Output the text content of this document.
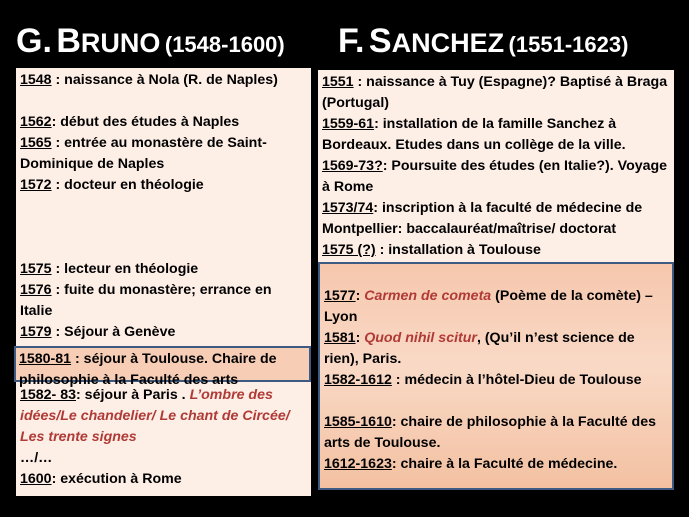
G. BRUNO (1548-1600) F. SANCHEZ (1551-1623)
1548 : naissance à Nola (R. de Naples)
1562: début des études à Naples
1565 : entrée au monastère de Saint-Dominique de Naples
1572 : docteur en théologie
1575 : lecteur en théologie
1576 : fuite du monastère; errance en Italie
1579 : Séjour à Genève
1582- 83: séjour à Paris . L’ombre des idées/Le chandelier/ Le chant de Circée/ Les trente signes
…/…
1600: exécution à Rome
1580-81 : séjour à Toulouse. Chaire de philosophie à la Faculté des arts
1551 : naissance à Tuy (Espagne)? Baptisé à Braga (Portugal)
1559-61: installation de la famille Sanchez à Bordeaux. Etudes dans un collège de la ville.
1569-73?: Poursuite des études (en Italie?). Voyage à Rome
1573/74: inscription à la faculté de médecine de Montpellier: baccalauréat/maîtrise/ doctorat
1575 (?) : installation à Toulouse
1577: Carmen de cometa (Poème de la comète) – Lyon
1581: Quod nihil scitur, (Qu’il n’est science de rien), Paris.
1582-1612 : médecin à l’hôtel-Dieu de Toulouse
1585-1610: chaire de philosophie à la Faculté des arts de Toulouse.
1612-1623: chaire à la Faculté de médecine.
